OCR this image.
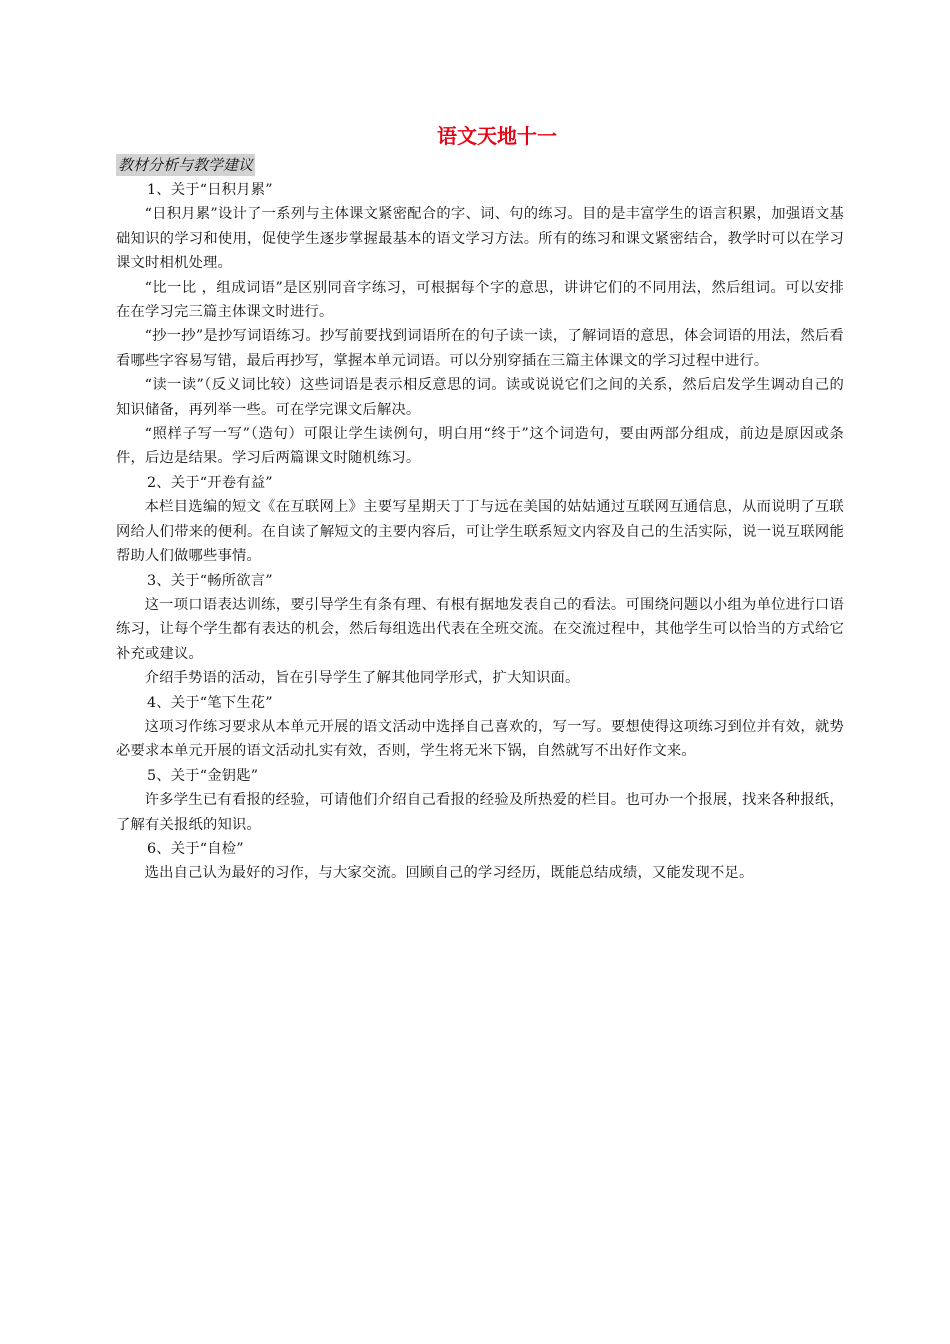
语文天地十一
教材分析与教学建议
1、关于“日积月累”

“日积月累”设计了一系列与主体课文紧密配合的字、词、句的练习。目的是丰富学生的语言积累，加强语文基础知识的学习和使用，促使学生逐步掌握最基本的语文学习方法。所有的练习和课文紧密结合，教学时可以在学习课文时相机处理。

“比一比 ，组成词语”是区别同音字练习，可根据每个字的意思，讲讲它们的不同用法，然后组词。可以安排在在学习完三篇主体课文时进行。

“抄一抄”是抄写词语练习。抄写前要找到词语所在的句子读一读，了解词语的意思，体会词语的用法，然后看看哪些字容易写错，最后再抄写，掌握本单元词语。可以分别穿插在三篇主体课文的学习过程中进行。

“读一读”（反义词比较）这些词语是表示相反意思的词。读或说说它们之间的关系，然后启发学生调动自己的知识储备，再列举一些。可在学完课文后解决。

“照样子写一写”（造句）可限让学生读例句，明白用“终于”这个词造句，要由两部分组成，前边是原因或条件，后边是结果。学习后两篇课文时随机练习。

2、关于“开卷有益”

本栏目选编的短文《在互联网上》主要写星期天丁丁与远在美国的姑姑通过互联网互通信息，从而说明了互联网给人们带来的便利。在自读了解短文的主要内容后，可让学生联系短文内容及自己的生活实际，说一说互联网能帮助人们做哪些事情。

3、关于“畅所欲言”

这一项口语表达训练，要引导学生有条有理、有根有据地发表自己的看法。可围绕问题以小组为单位进行口语练习，让每个学生都有表达的机会，然后每组选出代表在全班交流。在交流过程中，其他学生可以恰当的方式给它补充或建议。

介绍手势语的活动，旨在引导学生了解其他同学形式，扩大知识面。

4、关于“笔下生花”

这项习作练习要求从本单元开展的语文活动中选择自己喜欢的，写一写。要想使得这项练习到位并有效，就势必要求本单元开展的语文活动扎实有效，否则，学生将无米下锅，自然就写不出好作文来。

5、关于“金钥匙”

许多学生已有看报的经验，可请他们介绍自己看报的经验及所热爱的栏目。也可办一个报展，找来各种报纸，了解有关报纸的知识。

6、关于“自检”

选出自己认为最好的习作，与大家交流。回顾自己的学习经历，既能总结成绩，又能发现不足。
